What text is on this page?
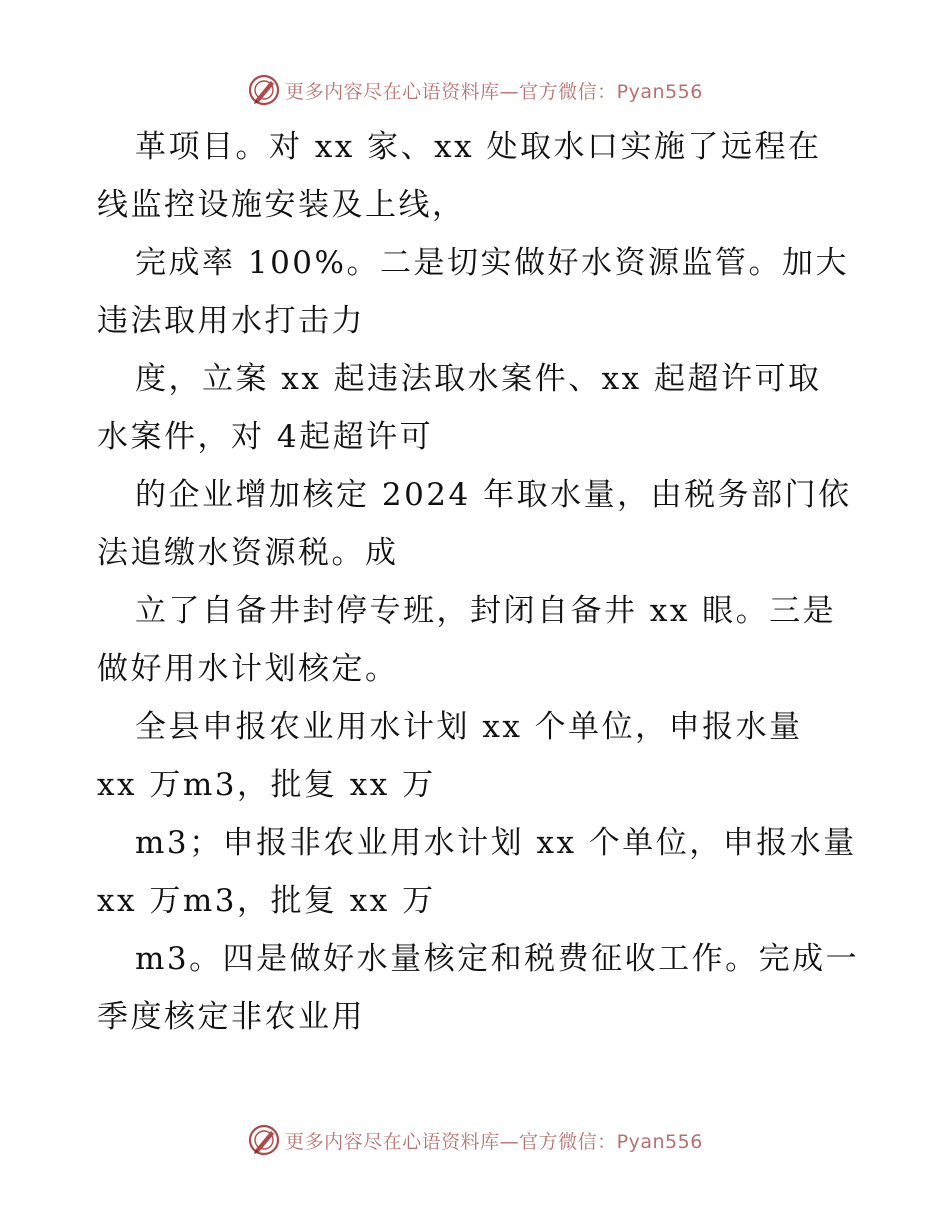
更多内容尽在心语资料库—官方微信：Pyan556
革项目。对 xx 家、xx 处取水口实施了远程在
线监控设施安装及上线，
完成率 100%。二是切实做好水资源监管。加大
违法取用水打击力
度，立案 xx 起违法取水案件、xx 起超许可取
水案件，对 4起超许可
的企业增加核定 2024 年取水量，由税务部门依
法追缴水资源税。成
立了自备井封停专班，封闭自备井 xx 眼。三是
做好用水计划核定。
全县申报农业用水计划 xx 个单位，申报水量
xx 万m3，批复 xx 万
m3；申报非农业用水计划 xx 个单位，申报水量
xx 万m3，批复 xx 万
m3。四是做好水量核定和税费征收工作。完成一
季度核定非农业用
更多内容尽在心语资料库—官方微信：Pyan556
